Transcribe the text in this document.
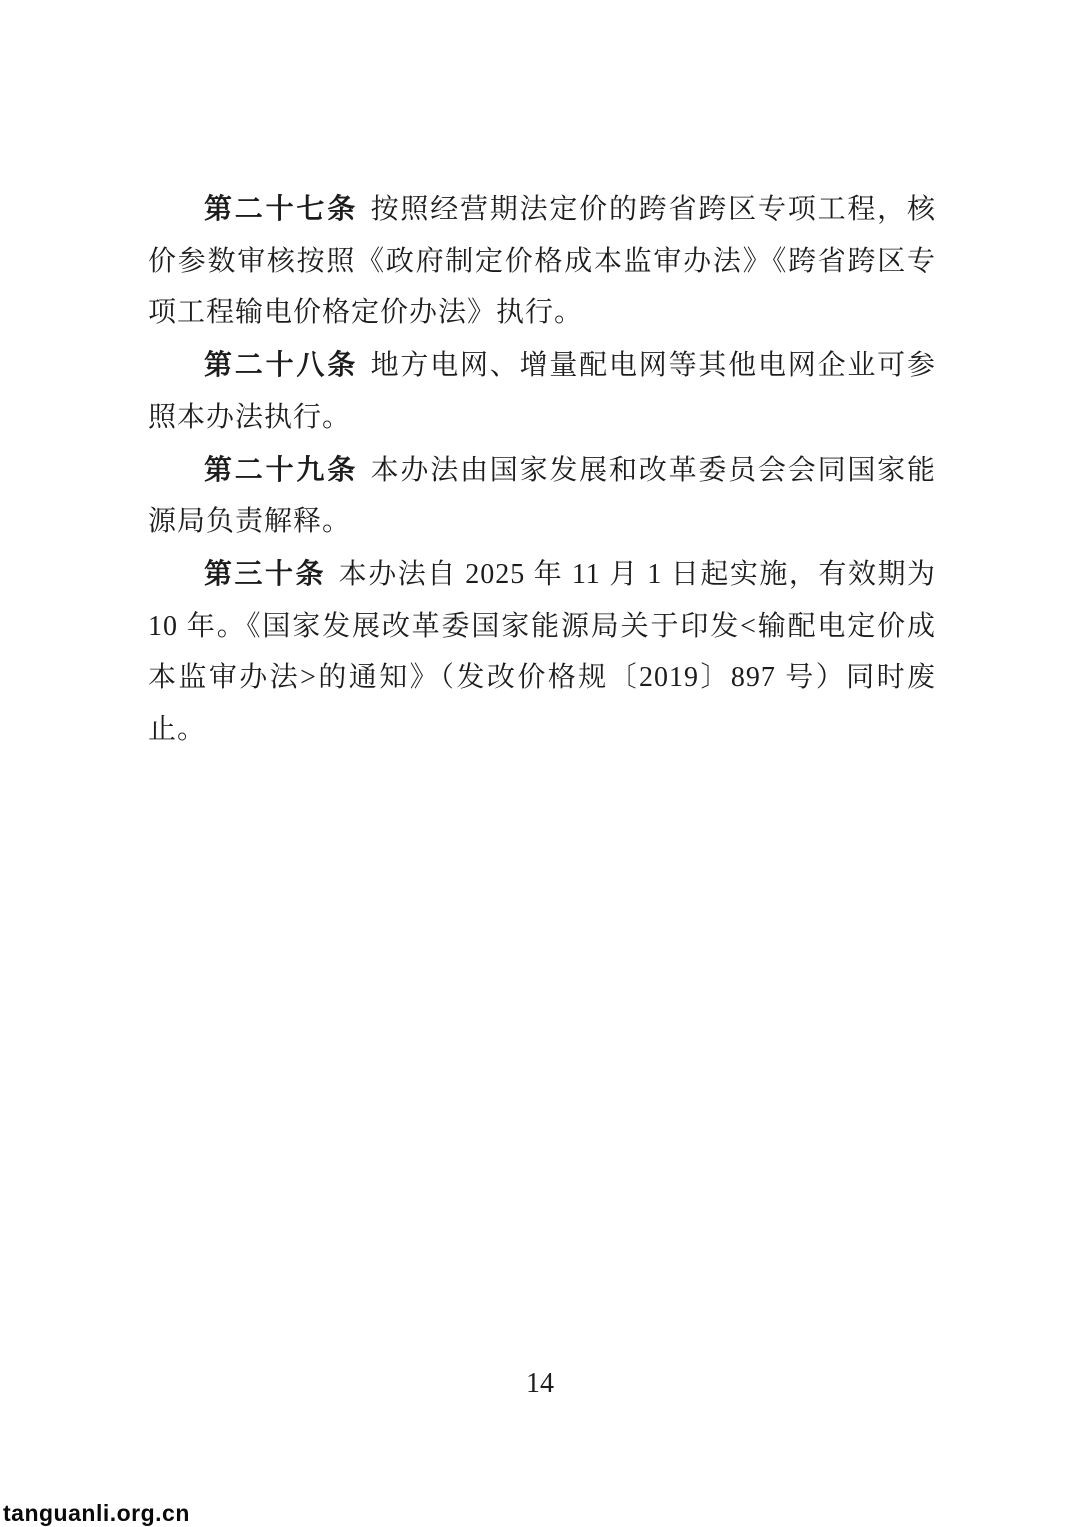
第二十七条 按照经营期法定价的跨省跨区专项工程，核价参数审核按照《政府制定价格成本监审办法》《跨省跨区专项工程输电价格定价办法》执行。

第二十八条 地方电网、增量配电网等其他电网企业可参照本办法执行。

第二十九条 本办法由国家发展和改革委员会会同国家能源局负责解释。

第三十条 本办法自 2025 年 11 月 1 日起实施，有效期为 10 年。《国家发展改革委国家能源局关于印发<输配电定价成本监审办法>的通知》（发改价格规〔2019〕897 号）同时废止。

14
tanguanli.org.cn
